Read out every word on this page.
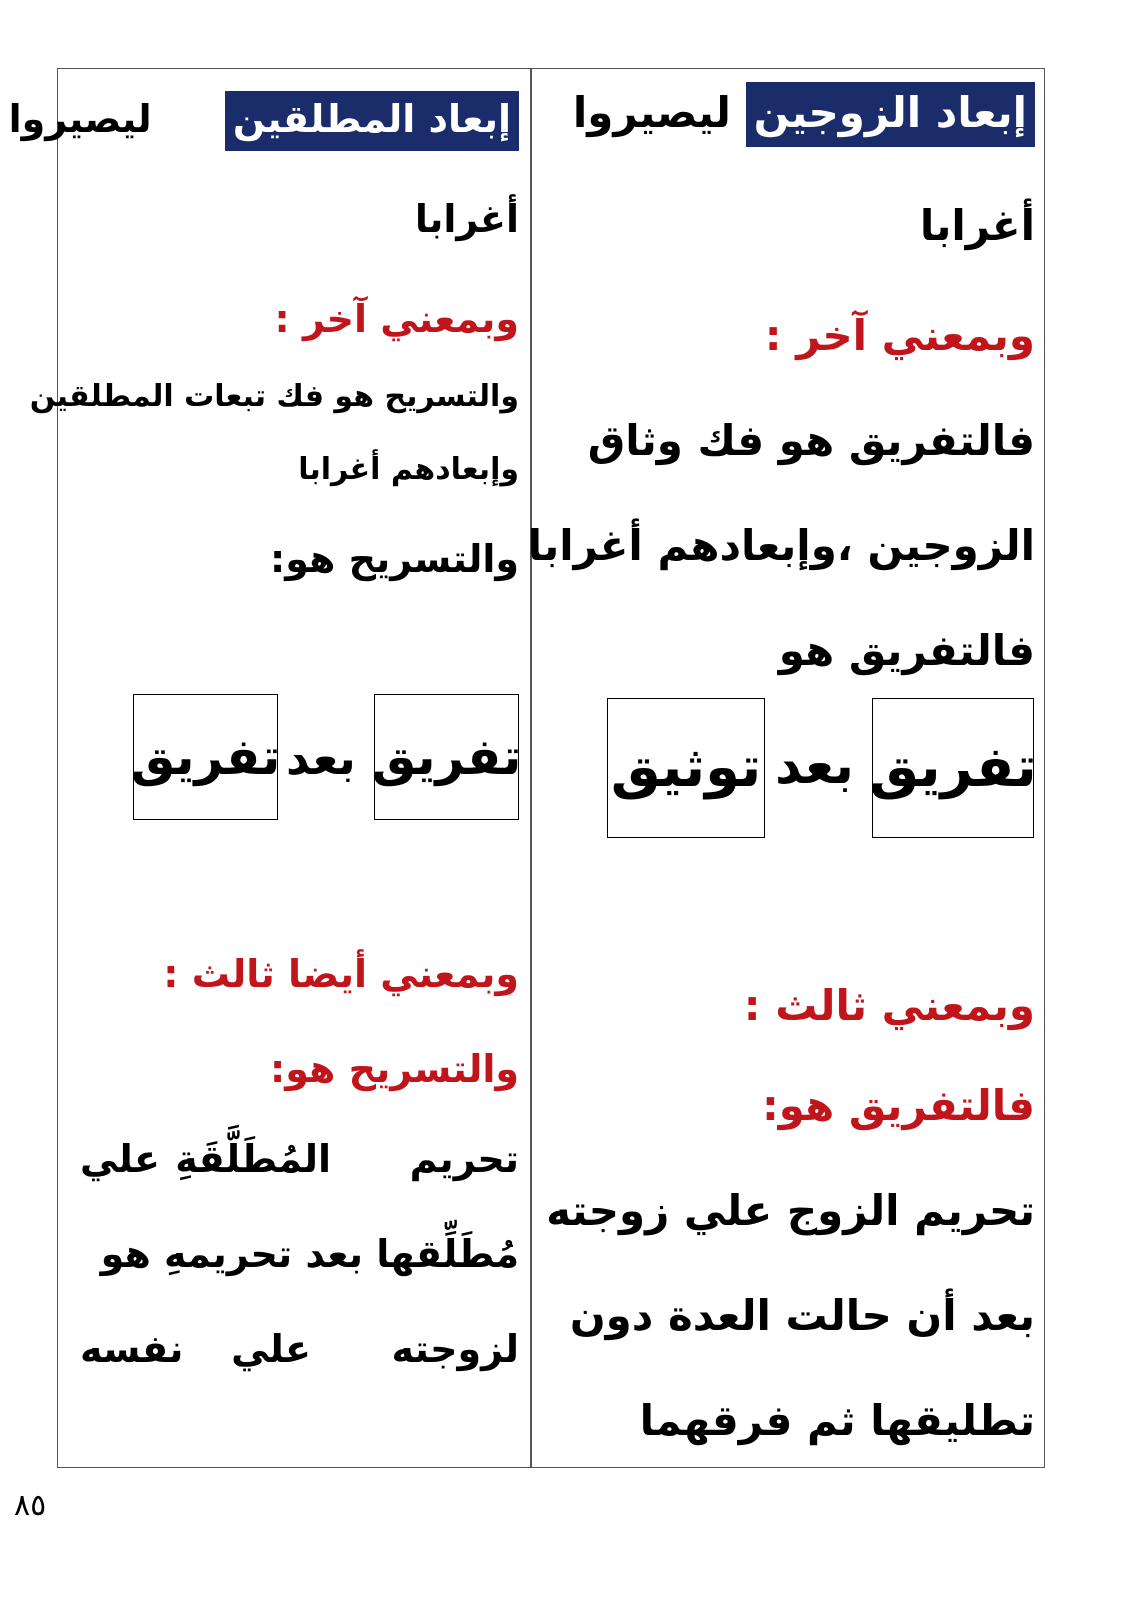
إبعاد الزوجين ليصيروا
أغرابا
وبمعني آخر :
فالتفريق هو فك وثاق
الزوجين ،وإبعادهم أغرابا
فالتفريق هو
تفريق
بعد
توثيق
وبمعني ثالث :
فالتفريق هو:
تحريم الزوج علي زوجته
بعد أن حالت العدة دون
تطليقها ثم فرقهما
إبعاد المطلقين ليصيروا
أغرابا
وبمعني آخر :
والتسريح هو فك تبعات المطلقين
وإبعادهم أغرابا
والتسريح هو:
تفريق
بعد
تفريق
وبمعني أيضا ثالث :
والتسريح هو:
تحريم
المُطَلَّقَةِ
علي
مُطَلِّقها بعد تحريمهِ هو
لزوجته
علي
نفسه
٨٥
